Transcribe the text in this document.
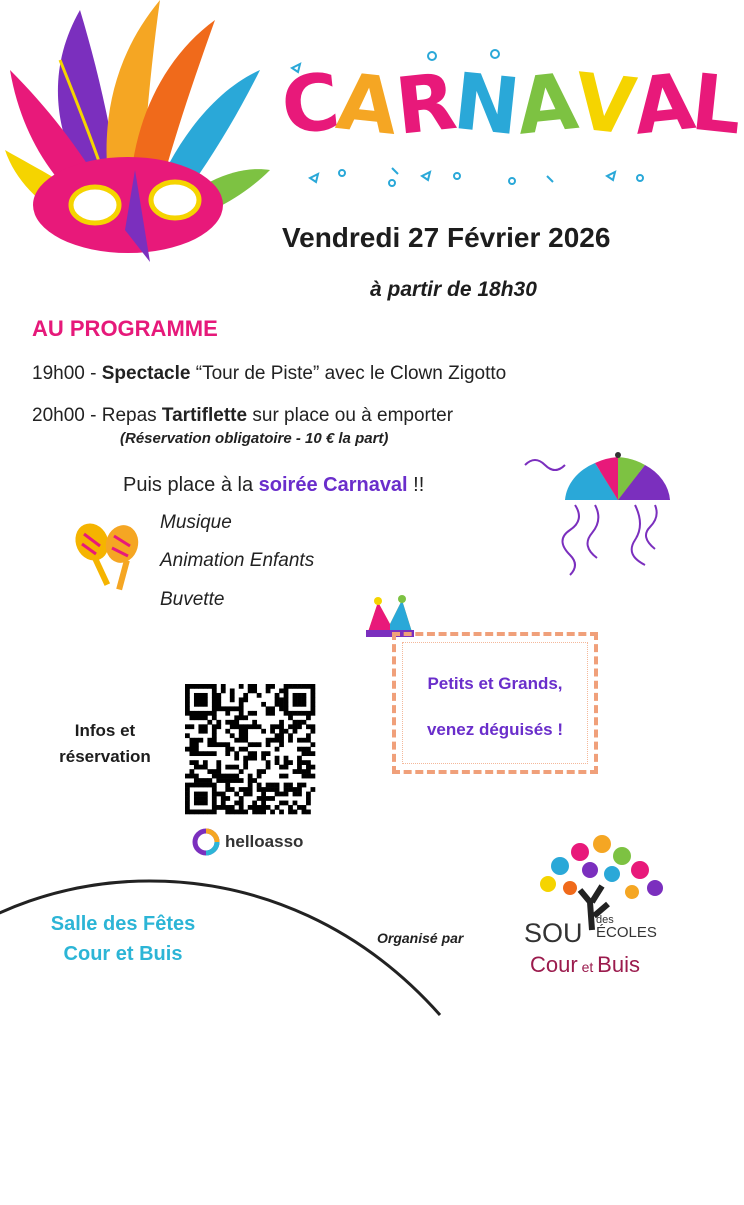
CARNAVAL
Vendredi 27 Février 2026
à partir de 18h30
AU PROGRAMME
19h00 - Spectacle “Tour de Piste” avec le Clown Zigotto
20h00 - Repas Tartiflette sur place ou à emporter
(Réservation obligatoire - 10 € la part)
Puis place à la soirée Carnaval !!
Musique
Animation Enfants
Buvette
Petits et Grands,
venez déguisés !
Infos et
réservation
helloasso
Salle des Fêtes
Cour et Buis
Organisé par SOU des
ÉCOLES
Cour et Buis
